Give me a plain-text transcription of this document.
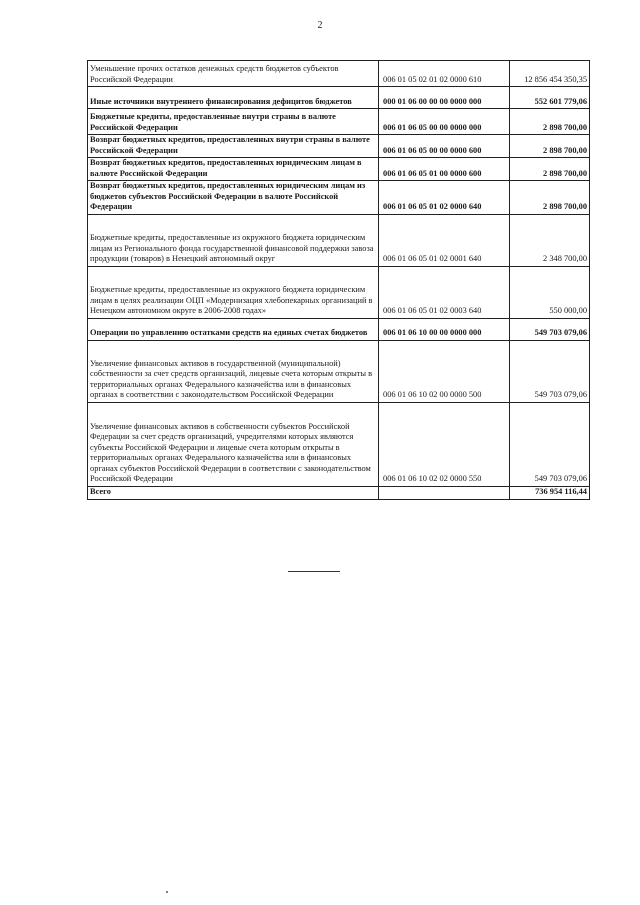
2
Уменьшение прочих остатков денежных средств бюджетов субъектов Российской Федерации	006 01 05 02 01 02 0000 610	12 856 454 350,35
Иные источники внутреннего финансирования дефицитов бюджетов	000 01 06 00 00 00 0000 000	552 601 779,06
Бюджетные кредиты, предоставленные внутри страны в валюте Российской Федерации	006 01 06 05 00 00 0000 000	2 898 700,00
Возврат бюджетных кредитов, предоставленных внутри страны в валюте Российской Федерации	006 01 06 05 00 00 0000 600	2 898 700,00
Возврат бюджетных кредитов, предоставленных юридическим лицам в валюте Российской Федерации	006 01 06 05 01 00 0000 600	2 898 700,00
Возврат бюджетных кредитов, предоставленных юридическим лицам из бюджетов субъектов Российской Федерации в валюте Российской Федерации	006 01 06 05 01 02 0000 640	2 898 700,00
Бюджетные кредиты, предоставленные из окружного бюджета юридическим лицам из Регионального фонда государственной финансовой поддержки завоза продукции (товаров) в Ненецкий автономный округ	006 01 06 05 01 02 0001 640	2 348 700,00
Бюджетные кредиты, предоставленные из окружного бюджета юридическим лицам в целях реализации ОЦП «Модернизация хлебопекарных организаций в Ненецком автономном округе в 2006-2008 годах»	006 01 06 05 01 02 0003 640	550 000,00
Операции по управлению остатками средств на единых счетах бюджетов	006 01 06 10 00 00 0000 000	549 703 079,06
Увеличение финансовых активов в государственной (муниципальной) собственности за счет средств организаций, лицевые счета которым открыты в территориальных органах Федерального казначейства или в финансовых органах в соответствии с законодательством Российской Федерации	006 01 06 10 02 00 0000 500	549 703 079,06
Увеличение финансовых активов в собственности субъектов Российской Федерации за счет средств организаций, учредителями которых являются субъекты Российской Федерации и лицевые счета которым открыты в территориальных органах Федерального казначейства или в финансовых органах субъектов Российской Федерации в соответствии с законодательством Российской Федерации	006 01 06 10 02 02 0000 550	549 703 079,06
Всего		736 954 116,44
